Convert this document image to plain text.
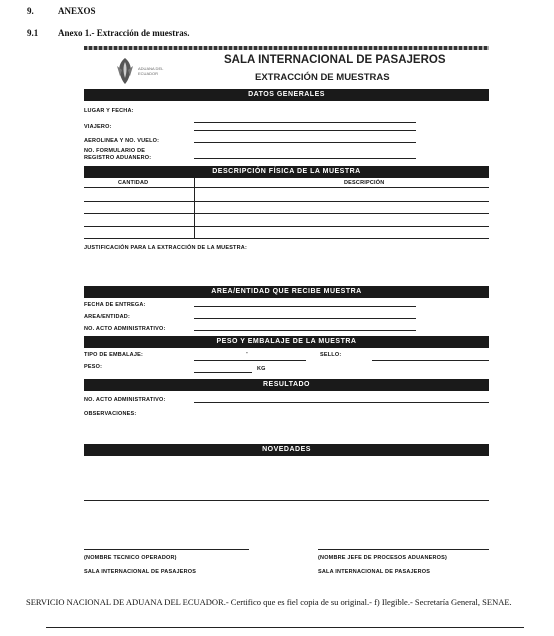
9.	ANEXOS
9.1 Anexo 1.- Extracción de muestras.
ADUANA DEL
ECUADOR
SALA INTERNACIONAL DE PASAJEROS
EXTRACCIÓN DE MUESTRAS
DATOS GENERALES
LUGAR Y FECHA:
VIAJERO:
AEROLINEA Y NO. VUELO:
NO. FORMULARIO DE
REGISTRO ADUANERO:
DESCRIPCIÓN FÍSICA DE LA MUESTRA
CANTIDAD	DESCRIPCIÓN
JUSTIFICACIÓN PARA LA EXTRACCIÓN DE LA MUESTRA:
AREA/ENTIDAD QUE RECIBE MUESTRA
FECHA DE ENTREGA:
AREA/ENTIDAD:
NO. ACTO ADMINISTRATIVO:
PESO Y EMBALAJE DE LA MUESTRA
TIPO DE EMBALAJE:	-	SELLO:
PESO:	KG
RESULTADO
NO. ACTO ADMINISTRATIVO:
OBSERVACIONES:
NOVEDADES
(NOMBRE TECNICO OPERADOR)
SALA INTERNACIONAL DE PASAJEROS
(NOMBRE JEFE DE PROCESOS ADUANEROS)
SALA INTERNACIONAL DE PASAJEROS
SERVICIO NACIONAL DE ADUANA DEL ECUADOR.- Certifico que es fiel copia de su original.- f) Ilegible.- Secretaría General, SENAE.
